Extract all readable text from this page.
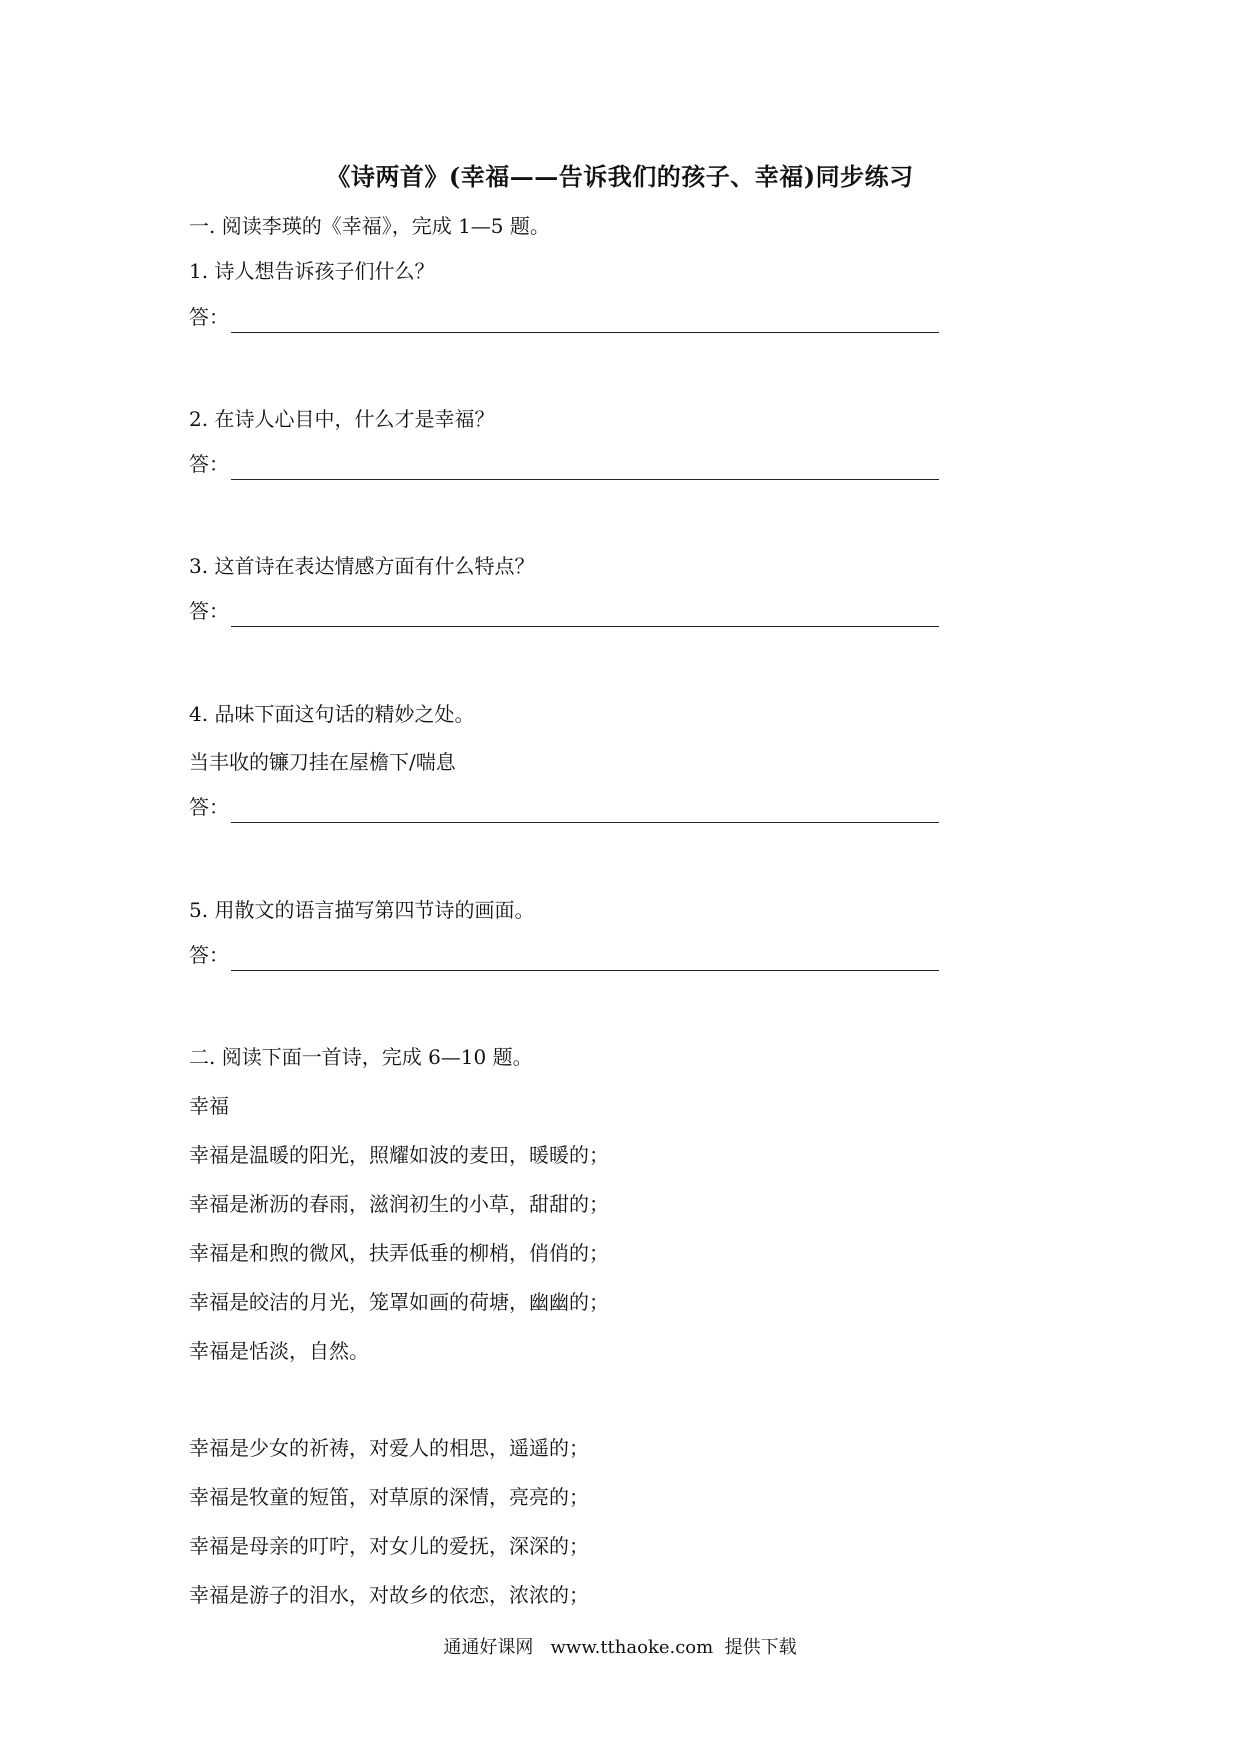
《诗两首》(幸福——告诉我们的孩子、幸福)同步练习
一. 阅读李瑛的《幸福》，完成 1—5 题。
1. 诗人想告诉孩子们什么？
答：
2. 在诗人心目中，什么才是幸福？
答：
3. 这首诗在表达情感方面有什么特点？
答：
4. 品味下面这句话的精妙之处。
当丰收的镰刀挂在屋檐下/喘息
答：
5. 用散文的语言描写第四节诗的画面。
答：
二. 阅读下面一首诗，完成 6—10 题。
幸福
幸福是温暖的阳光，照耀如波的麦田，暖暖的；
幸福是淅沥的春雨，滋润初生的小草，甜甜的；
幸福是和煦的微风，扶弄低垂的柳梢，俏俏的；
幸福是皎洁的月光，笼罩如画的荷塘，幽幽的；
幸福是恬淡，自然。
幸福是少女的祈祷，对爱人的相思，遥遥的；
幸福是牧童的短笛，对草原的深情，亮亮的；
幸福是母亲的叮咛，对女儿的爱抚，深深的；
幸福是游子的泪水，对故乡的依恋，浓浓的；
通通好课网   www.tthaoke.com  提供下载
